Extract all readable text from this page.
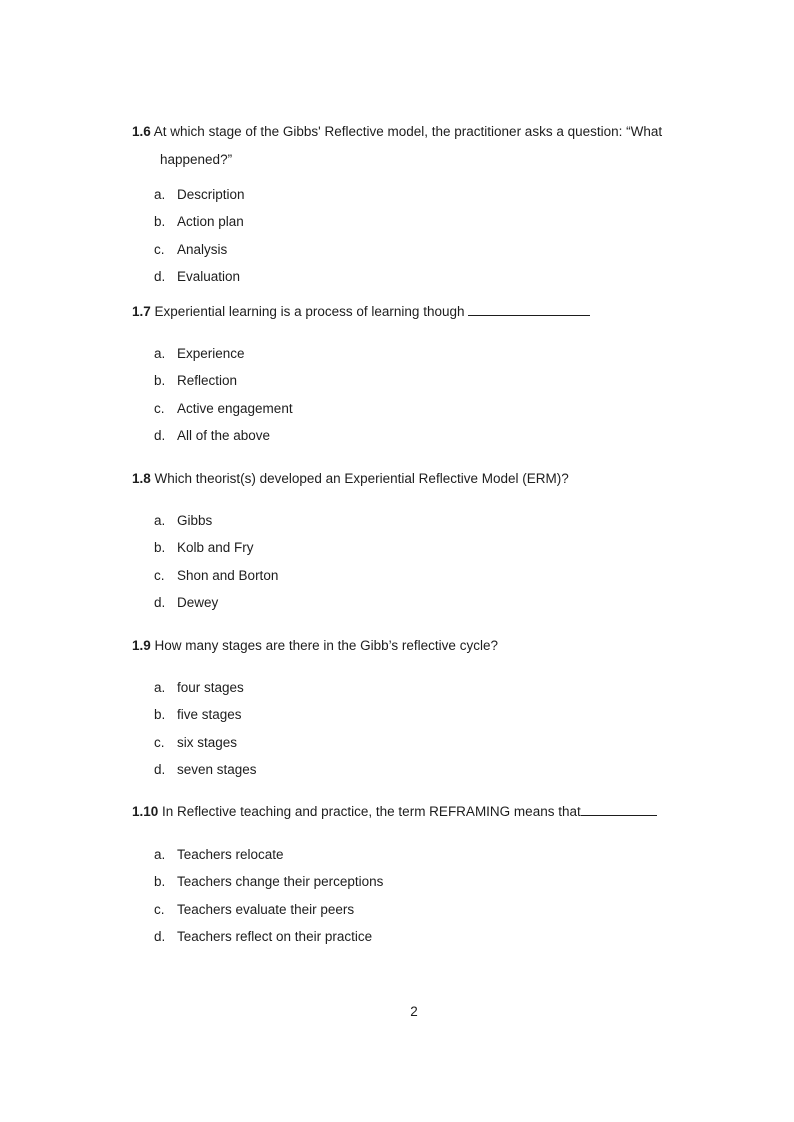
1.6 At which stage of the Gibbs' Reflective model, the practitioner asks a question: “What
happened?”
a. Description
b. Action plan
c. Analysis
d. Evaluation
1.7 Experiential learning is a process of learning though
a. Experience
b. Reflection
c. Active engagement
d. All of the above
1.8 Which theorist(s) developed an Experiential Reflective Model (ERM)?
a. Gibbs
b. Kolb and Fry
c. Shon and Borton
d. Dewey
1.9 How many stages are there in the Gibb’s reflective cycle?
a. four stages
b. five stages
c. six stages
d. seven stages
1.10 In Reflective teaching and practice, the term REFRAMING means that
a. Teachers relocate
b. Teachers change their perceptions
c. Teachers evaluate their peers
d. Teachers reflect on their practice
2
